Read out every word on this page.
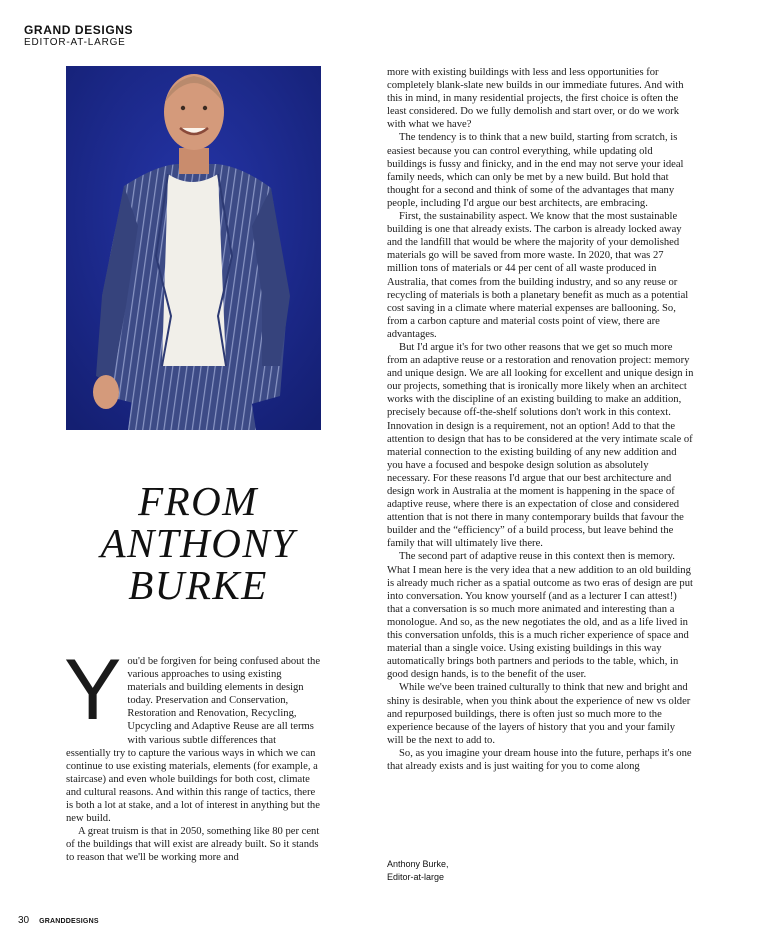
GRAND DESIGNS
EDITOR-AT-LARGE
FROM
ANTHONY
BURKE
Y ou'd be forgiven for being confused about the various approaches to using existing materials and building elements in design today. Preservation and Conservation, Restoration and Renovation, Recycling, Upcycling and Adaptive Reuse are all terms with various subtle differences that essentially try to capture the various ways in which we can continue to use existing materials, elements (for example, a staircase) and even whole buildings for both cost, climate and cultural reasons. And within this range of tactics, there is both a lot at stake, and a lot of interest in anything but the new build.

A great truism is that in 2050, something like 80 per cent of the buildings that will exist are already built. So it stands to reason that we'll be working more and

more with existing buildings with less and less opportunities for completely blank-slate new builds in our immediate futures. And with this in mind, in many residential projects, the first choice is often the least considered. Do we fully demolish and start over, or do we work with what we have?

The tendency is to think that a new build, starting from scratch, is easiest because you can control everything, while updating old buildings is fussy and finicky, and in the end may not serve your ideal family needs, which can only be met by a new build. But hold that thought for a second and think of some of the advantages that many people, including I'd argue our best architects, are embracing.

First, the sustainability aspect. We know that the most sustainable building is one that already exists. The carbon is already locked away and the landfill that would be where the majority of your demolished materials go will be saved from more waste. In 2020, that was 27 million tons of materials or 44 per cent of all waste produced in Australia, that comes from the building industry, and so any reuse or recycling of materials is both a planetary benefit as much as a potential cost saving in a climate where material expenses are ballooning. So, from a carbon capture and material costs point of view, there are advantages.

But I'd argue it's for two other reasons that we get so much more from an adaptive reuse or a restoration and renovation project: memory and unique design. We are all looking for excellent and unique design in our projects, something that is ironically more likely when an architect works with the discipline of an existing building to make an addition, precisely because off-the-shelf solutions don't work in this context. Innovation in design is a requirement, not an option! Add to that the attention to design that has to be considered at the very intimate scale of material connection to the existing building of any new addition and you have a focused and bespoke design solution as absolutely necessary. For these reasons I'd argue that our best architecture and design work in Australia at the moment is happening in the space of adaptive reuse, where there is an expectation of close and considered attention that is not there in many contemporary builds that favour the builder and the “efficiency” of a build process, but leave behind the family that will ultimately live there.

The second part of adaptive reuse in this context then is memory. What I mean here is the very idea that a new addition to an old building is already much richer as a spatial outcome as two eras of design are put into conversation. You know yourself (and as a lecturer I can attest!) that a conversation is so much more animated and interesting than a monologue. And so, as the new negotiates the old, and as a life lived in this conversation unfolds, this is a much richer experience of space and material than a single voice. Using existing buildings in this way automatically brings both partners and periods to the table, which, in good design hands, is to the benefit of the user.

While we've been trained culturally to think that new and bright and shiny is desirable, when you think about the experience of new vs older and repurposed buildings, there is often just so much more to the experience because of the layers of history that you and your family will be the next to add to.

So, as you imagine your dream house into the future, perhaps it's one that already exists and is just waiting for you to come along

Anthony Burke,
Editor-at-large
30 GRANDDESIGNS
